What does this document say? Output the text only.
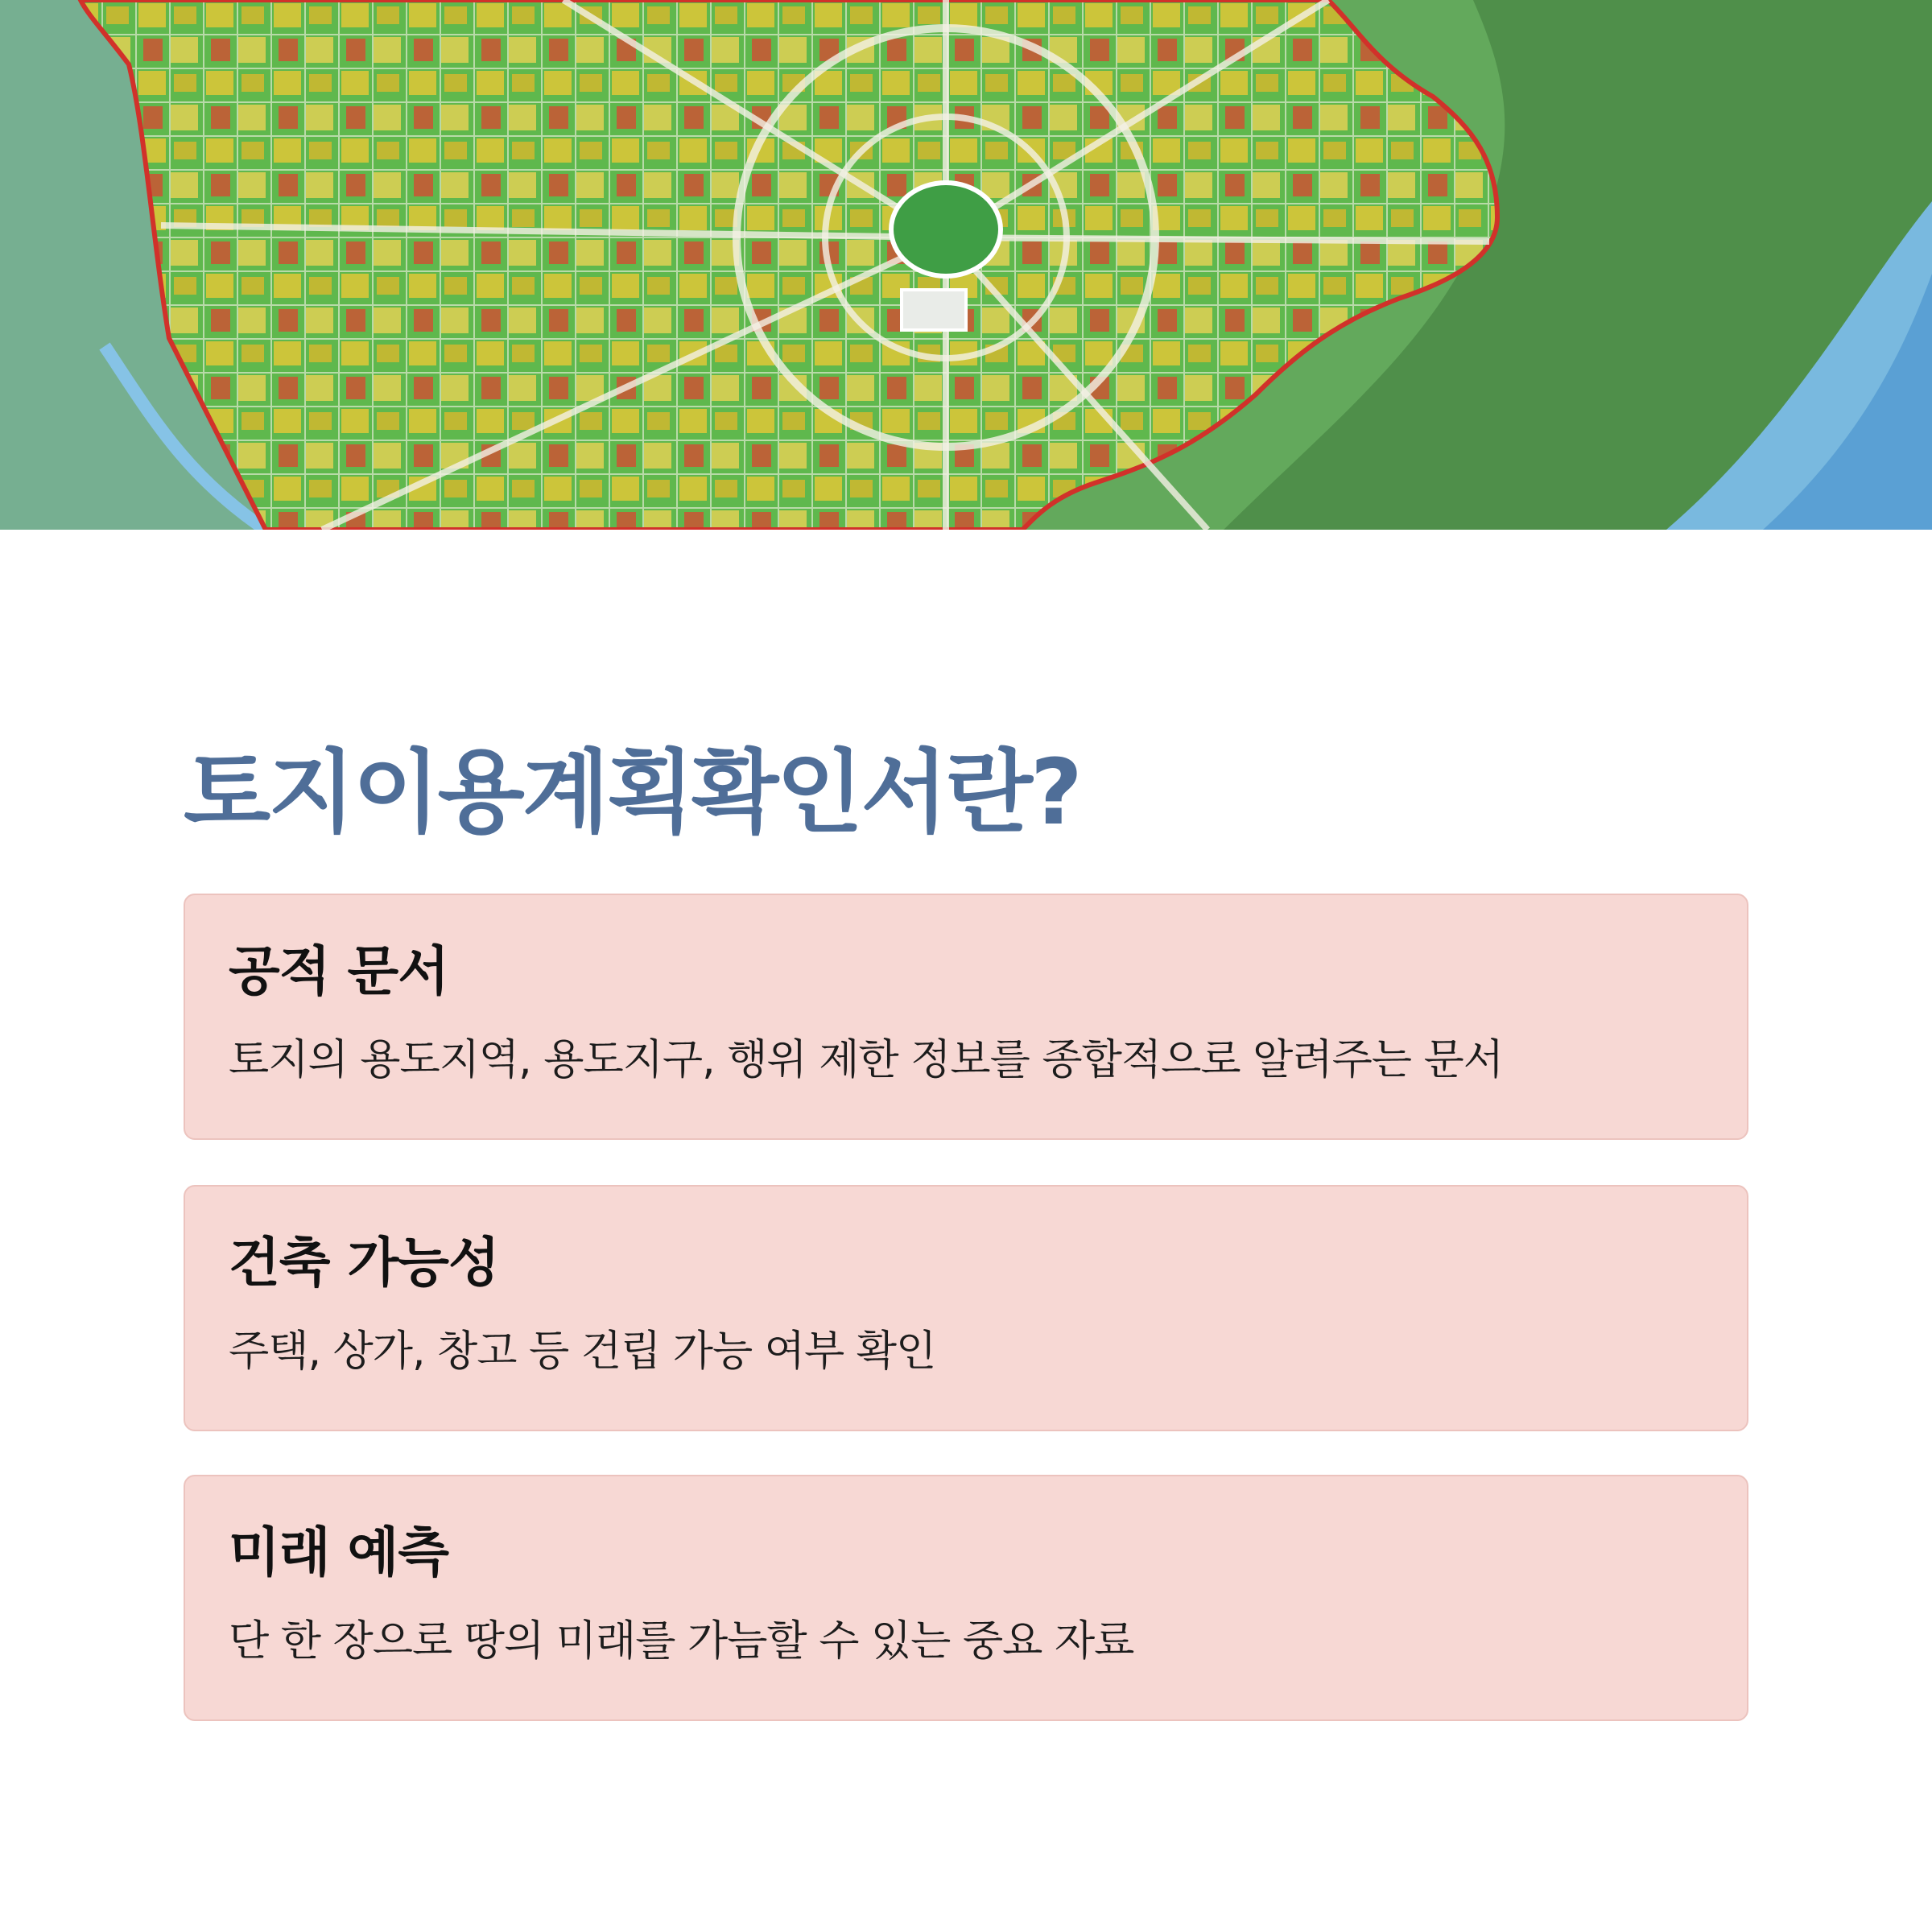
토지이용계획확인서란?
공적 문서

토지의 용도지역, 용도지구, 행위 제한 정보를 종합적으로 알려주는 문서

건축 가능성

주택, 상가, 창고 등 건립 가능 여부 확인

미래 예측

단 한 장으로 땅의 미래를 가늠할 수 있는 중요 자료
